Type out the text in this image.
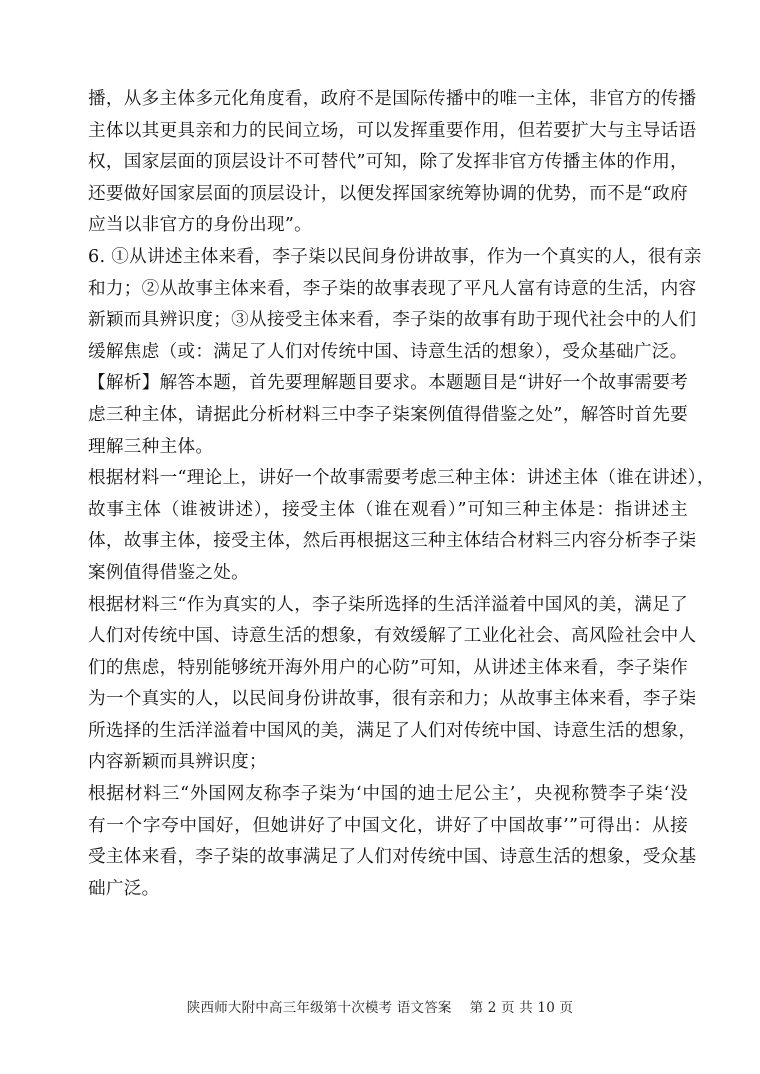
播，从多主体多元化角度看，政府不是国际传播中的唯一主体，非官方的传播
主体以其更具亲和力的民间立场，可以发挥重要作用，但若要扩大与主导话语
权，国家层面的顶层设计不可替代”可知，除了发挥非官方传播主体的作用，
还要做好国家层面的顶层设计，以便发挥国家统筹协调的优势，而不是“政府
应当以非官方的身份出现”。
6. ①从讲述主体来看，李子柒以民间身份讲故事，作为一个真实的人，很有亲
和力；②从故事主体来看，李子柒的故事表现了平凡人富有诗意的生活，内容
新颖而具辨识度；③从接受主体来看，李子柒的故事有助于现代社会中的人们
缓解焦虑（或：满足了人们对传统中国、诗意生活的想象），受众基础广泛。
【解析】解答本题，首先要理解题目要求。本题题目是“讲好一个故事需要考
虑三种主体，请据此分析材料三中李子柒案例值得借鉴之处”，解答时首先要
理解三种主体。
根据材料一“理论上，讲好一个故事需要考虑三种主体：讲述主体（谁在讲述），
故事主体（谁被讲述），接受主体（谁在观看）”可知三种主体是：指讲述主
体，故事主体，接受主体，然后再根据这三种主体结合材料三内容分析李子柒
案例值得借鉴之处。
根据材料三“作为真实的人，李子柒所选择的生活洋溢着中国风的美，满足了
人们对传统中国、诗意生活的想象，有效缓解了工业化社会、高风险社会中人
们的焦虑，特别能够统开海外用户的心防”可知，从讲述主体来看，李子柒作
为一个真实的人，以民间身份讲故事，很有亲和力；从故事主体来看，李子柒
所选择的生活洋溢着中国风的美，满足了人们对传统中国、诗意生活的想象，
内容新颖而具辨识度；
根据材料三“外国网友称李子柒为‘中国的迪士尼公主’，央视称赞李子柒‘没
有一个字夸中国好，但她讲好了中国文化，讲好了中国故事’”可得出：从接
受主体来看，李子柒的故事满足了人们对传统中国、诗意生活的想象，受众基
础广泛。
陕西师大附中高三年级第十次模考 语文答案 第 2 页 共 10 页
